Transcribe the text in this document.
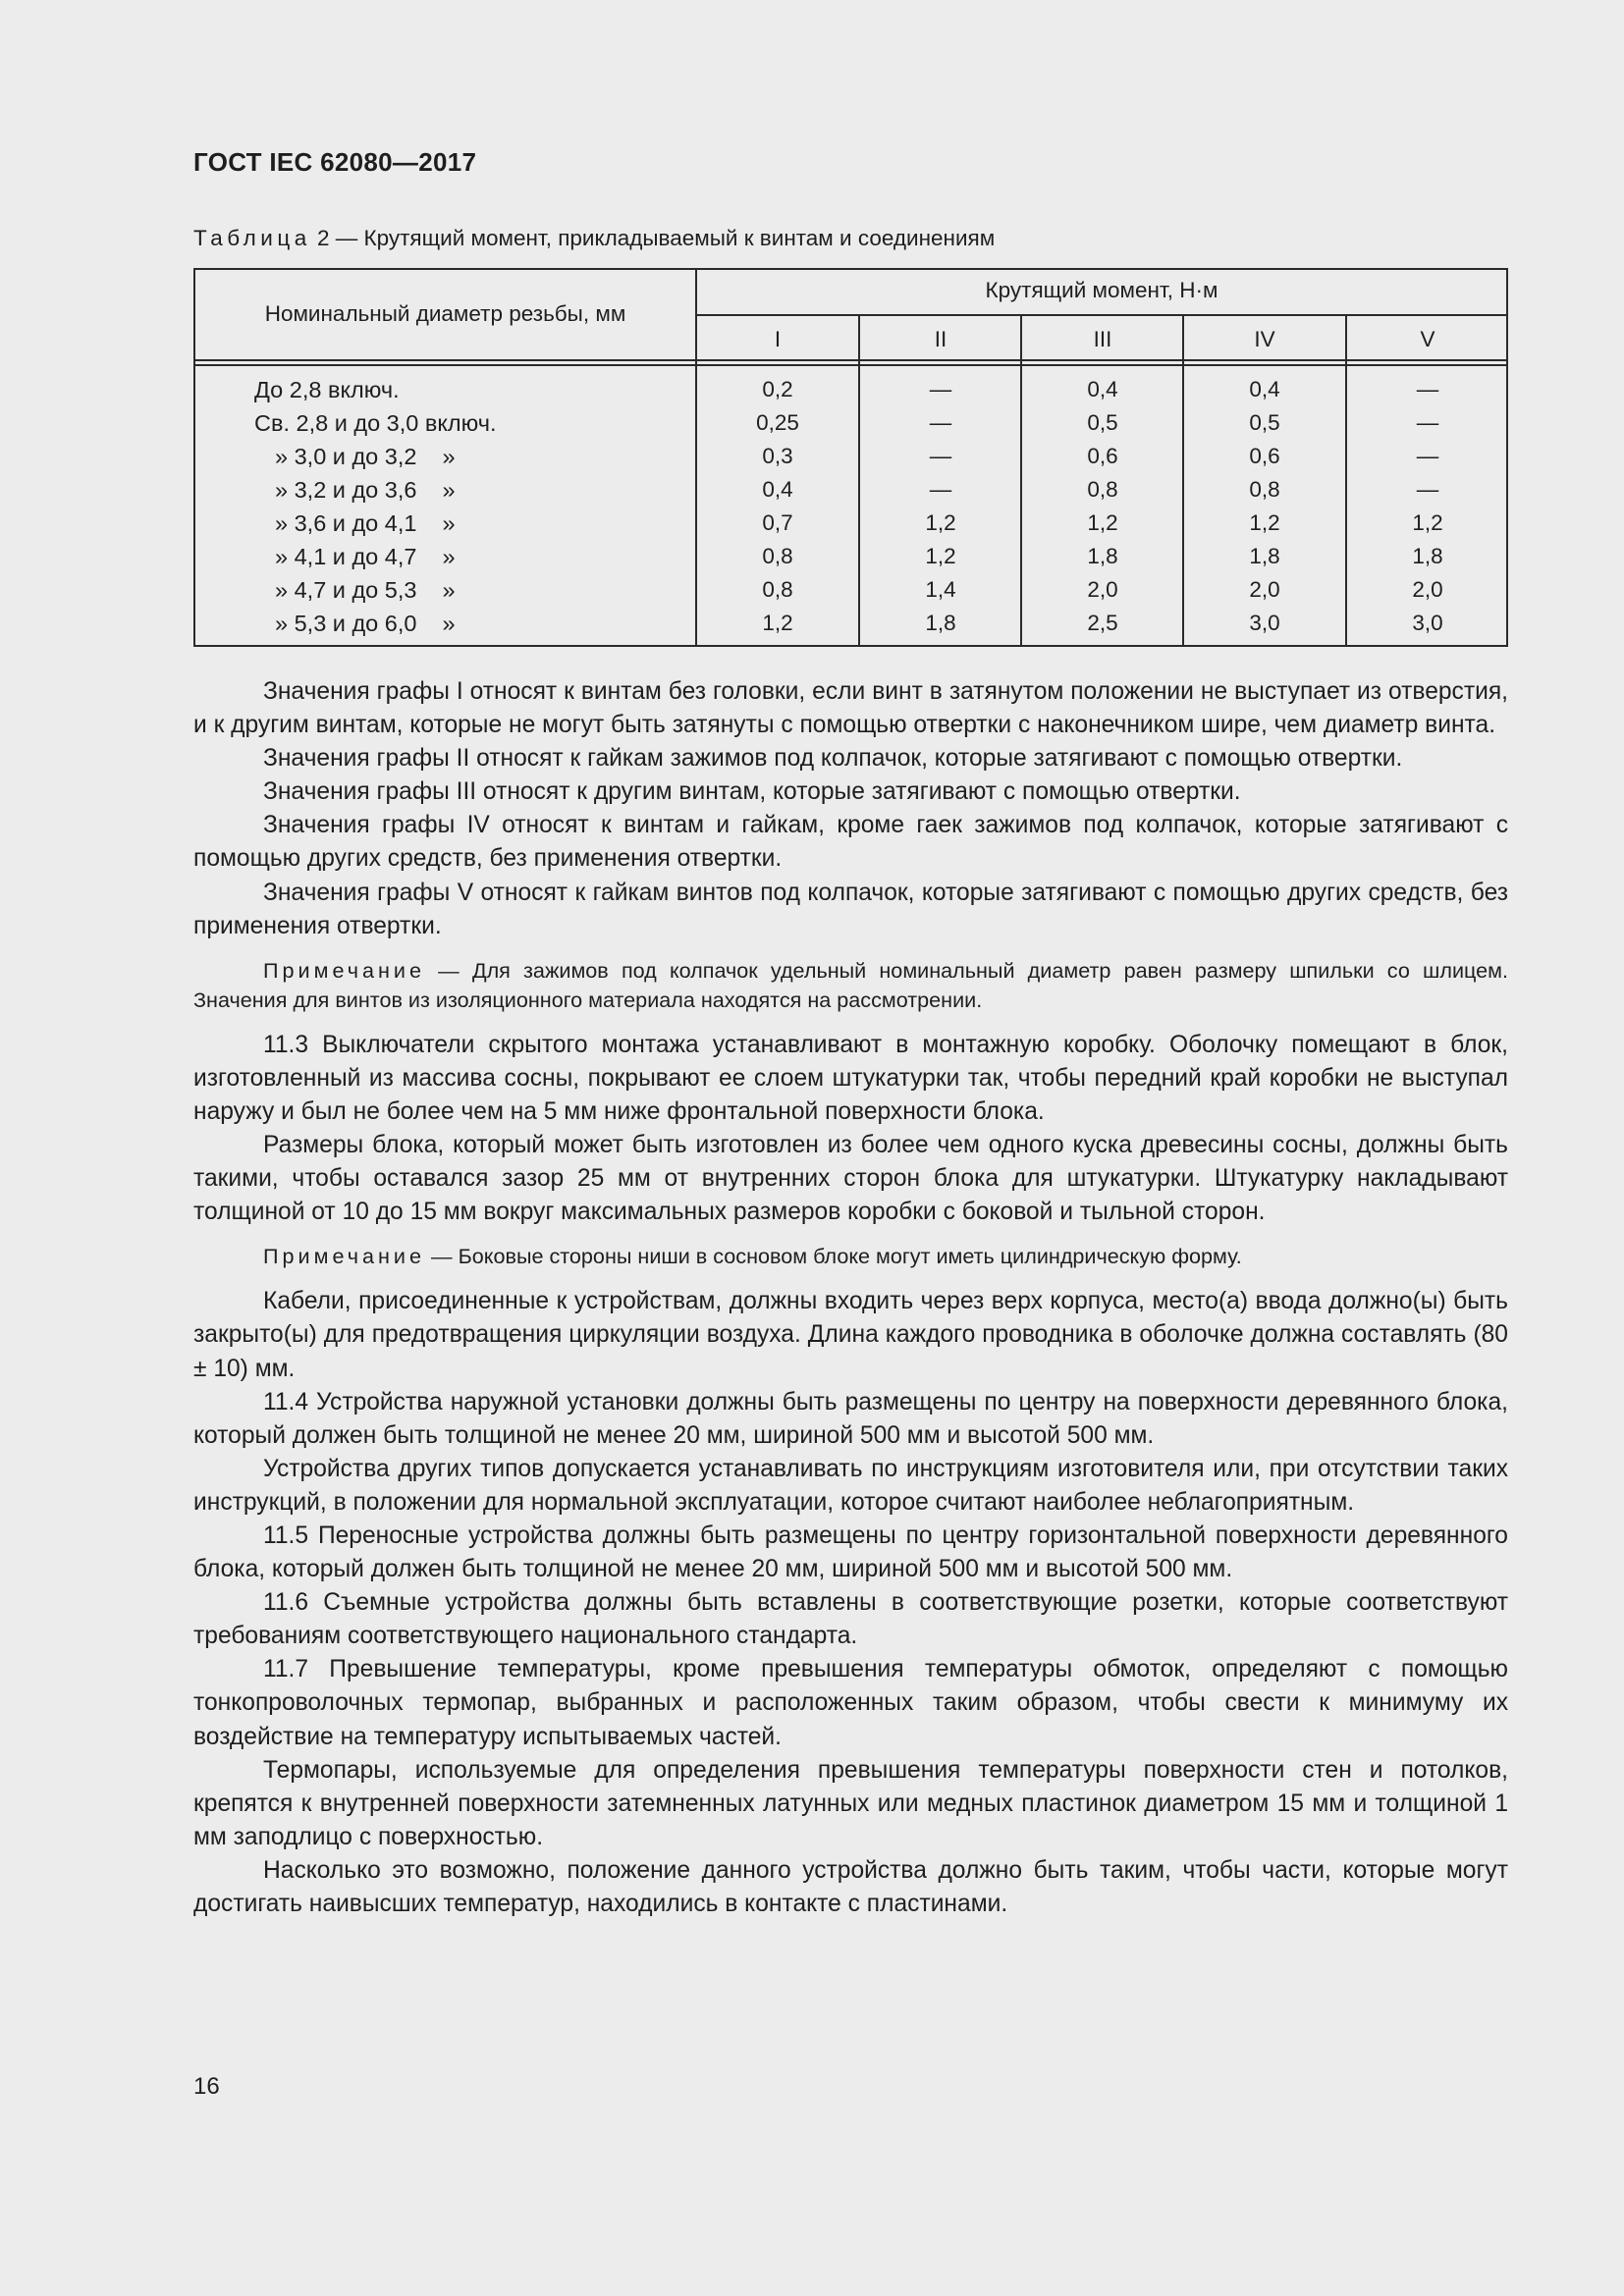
ГОСТ IEC 62080—2017
Таблица 2 — Крутящий момент, прикладываемый к винтам и соединениям
Номинальный диаметр резьбы, мм
Крутящий момент, Н·м
I	II	III	IV	V
До 2,8 включ.	0,2	—	0,4	0,4	—
Св. 2,8 и до 3,0 включ.	0,25	—	0,5	0,5	—
» 3,0 и до 3,2    »	0,3	—	0,6	0,6	—
» 3,2 и до 3,6    »	0,4	—	0,8	0,8	—
» 3,6 и до 4,1    »	0,7	1,2	1,2	1,2	1,2
» 4,1 и до 4,7    »	0,8	1,2	1,8	1,8	1,8
» 4,7 и до 5,3    »	0,8	1,4	2,0	2,0	2,0
» 5,3 и до 6,0    »	1,2	1,8	2,5	3,0	3,0

Значения графы I относят к винтам без головки, если винт в затянутом положении не выступает из отверстия, и к другим винтам, которые не могут быть затянуты с помощью отвертки с наконечником шире, чем диаметр винта.

Значения графы II относят к гайкам зажимов под колпачок, которые затягивают с помощью отвертки.

Значения графы III относят к другим винтам, которые затягивают с помощью отвертки.

Значения графы IV относят к винтам и гайкам, кроме гаек зажимов под колпачок, которые затягивают с помощью других средств, без применения отвертки.

Значения графы V относят к гайкам винтов под колпачок, которые затягивают с помощью других средств, без применения отвертки.

Примечание — Для зажимов под колпачок удельный номинальный диаметр равен размеру шпильки со шлицем. Значения для винтов из изоляционного материала находятся на рассмотрении.

11.3 Выключатели скрытого монтажа устанавливают в монтажную коробку. Оболочку помещают в блок, изготовленный из массива сосны, покрывают ее слоем штукатурки так, чтобы передний край коробки не выступал наружу и был не более чем на 5 мм ниже фронтальной поверхности блока.

Размеры блока, который может быть изготовлен из более чем одного куска древесины сосны, должны быть такими, чтобы оставался зазор 25 мм от внутренних сторон блока для штукатурки. Штукатурку накладывают толщиной от 10 до 15 мм вокруг максимальных размеров коробки с боковой и тыльной сторон.

Примечание — Боковые стороны ниши в сосновом блоке могут иметь цилиндрическую форму.

Кабели, присоединенные к устройствам, должны входить через верх корпуса, место(а) ввода должно(ы) быть закрыто(ы) для предотвращения циркуляции воздуха. Длина каждого проводника в оболочке должна составлять (80 ± 10) мм.

11.4 Устройства наружной установки должны быть размещены по центру на поверхности деревянного блока, который должен быть толщиной не менее 20 мм, шириной 500 мм и высотой 500 мм.

Устройства других типов допускается устанавливать по инструкциям изготовителя или, при отсутствии таких инструкций, в положении для нормальной эксплуатации, которое считают наиболее неблагоприятным.

11.5 Переносные устройства должны быть размещены по центру горизонтальной поверхности деревянного блока, который должен быть толщиной не менее 20 мм, шириной 500 мм и высотой 500 мм.

11.6 Съемные устройства должны быть вставлены в соответствующие розетки, которые соответствуют требованиям соответствующего национального стандарта.

11.7 Превышение температуры, кроме превышения температуры обмоток, определяют с помощью тонкопроволочных термопар, выбранных и расположенных таким образом, чтобы свести к минимуму их воздействие на температуру испытываемых частей.

Термопары, используемые для определения превышения температуры поверхности стен и потолков, крепятся к внутренней поверхности затемненных латунных или медных пластинок диаметром 15 мм и толщиной 1 мм заподлицо с поверхностью.

Насколько это возможно, положение данного устройства должно быть таким, чтобы части, которые могут достигать наивысших температур, находились в контакте с пластинами.

16
